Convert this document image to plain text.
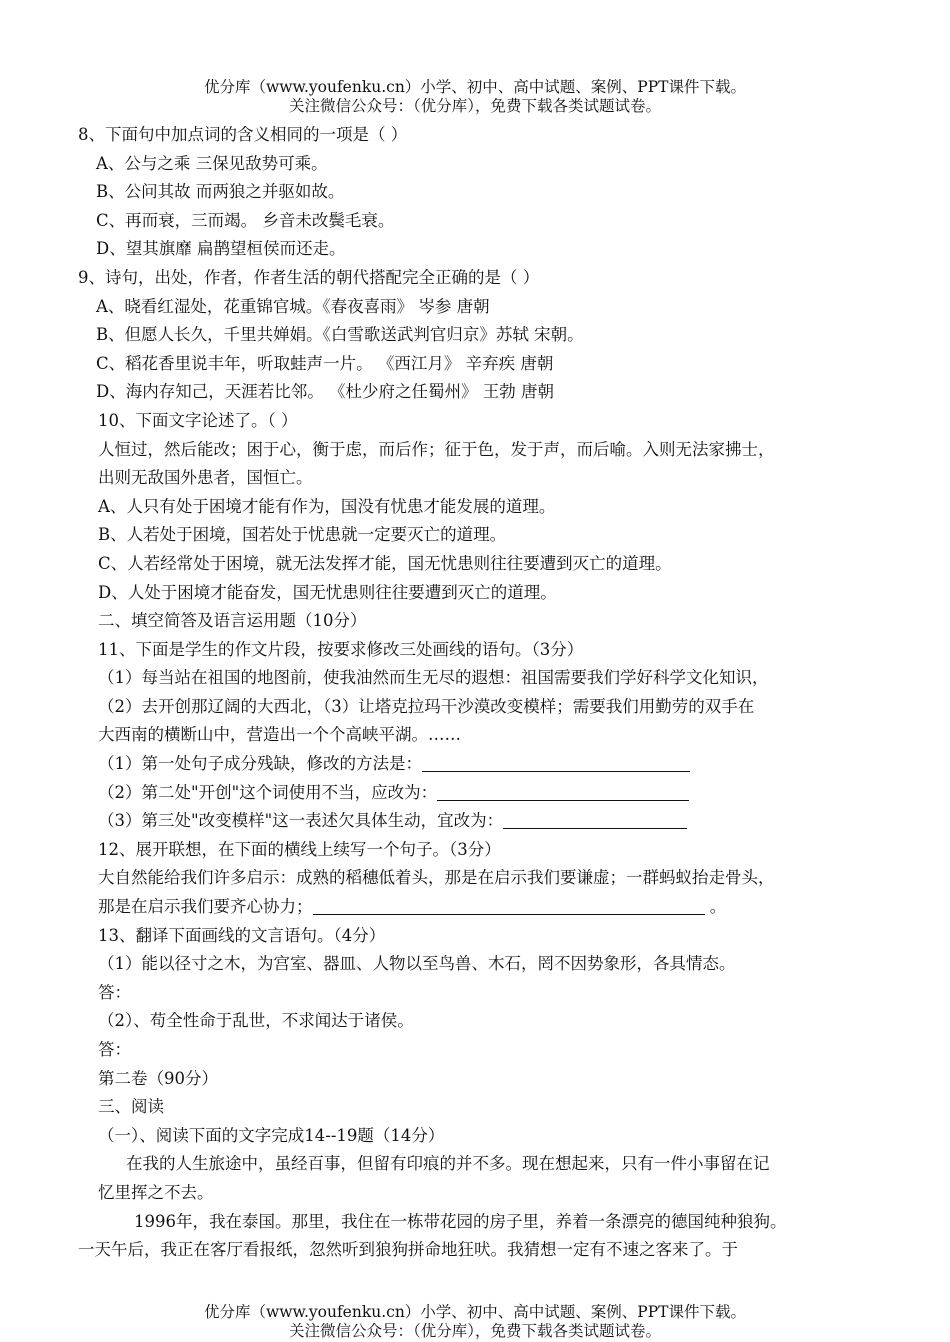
优分库（www.youfenku.cn）小学、初中、高中试题、案例、PPT课件下载。
关注微信公众号：（优分库），免费下载各类试题试卷。
8、下面句中加点词的含义相同的一项是（ ）
A、公与之乘 三保见敌势可乘。
B、公问其故 而两狼之并驱如故。
C、再而衰，三而竭。 乡音未改鬓毛衰。
D、望其旗靡 扁鹊望桓侯而还走。
9、诗句，出处，作者，作者生活的朝代搭配完全正确的是（ ）
A、晓看红湿处，花重锦官城。《春夜喜雨》 岑参 唐朝
B、但愿人长久，千里共婵娟。《白雪歌送武判官归京》苏轼 宋朝。
C、稻花香里说丰年，听取蛙声一片。 《西江月》 辛弃疾 唐朝
D、海内存知己，天涯若比邻。 《杜少府之任蜀州》 王勃 唐朝
10、下面文字论述了。（ ）
人恒过，然后能改；困于心，衡于虑，而后作；征于色，发于声，而后喻。入则无法家拂士，
出则无敌国外患者，国恒亡。
A、人只有处于困境才能有作为，国没有忧患才能发展的道理。
B、人若处于困境，国若处于忧患就一定要灭亡的道理。
C、人若经常处于困境，就无法发挥才能，国无忧患则往往要遭到灭亡的道理。
D、人处于困境才能奋发，国无忧患则往往要遭到灭亡的道理。
二、填空简答及语言运用题（10分）
11、下面是学生的作文片段，按要求修改三处画线的语句。（3分）
（1）每当站在祖国的地图前，使我油然而生无尽的遐想：祖国需要我们学好科学文化知识，
（2）去开创那辽阔的大西北，（3）让塔克拉玛干沙漠改变模样；需要我们用勤劳的双手在
大西南的横断山中，营造出一个个高峡平湖。……
（1）第一处句子成分残缺，修改的方法是：
（2）第二处"开创"这个词使用不当，应改为：
（3）第三处"改变模样"这一表述欠具体生动，宜改为：
12、展开联想，在下面的横线上续写一个句子。（3分）
大自然能给我们许多启示：成熟的稻穗低着头，那是在启示我们要谦虚；一群蚂蚁抬走骨头，
那是在启示我们要齐心协力；	。
13、翻译下面画线的文言语句。（4分）
（1）能以径寸之木，为宫室、器皿、人物以至鸟兽、木石，罔不因势象形，各具情态。
答：
（2）、苟全性命于乱世，不求闻达于诸侯。
答：
第二卷（90分）
三、阅读
（一）、阅读下面的文字完成14--19题（14分）
在我的人生旅途中，虽经百事，但留有印痕的并不多。现在想起来，只有一件小事留在记
忆里挥之不去。
1996年，我在泰国。那里，我住在一栋带花园的房子里，养着一条漂亮的德国纯种狼狗。
一天午后，我正在客厅看报纸，忽然听到狼狗拼命地狂吠。我猜想一定有不速之客来了。于
优分库（www.youfenku.cn）小学、初中、高中试题、案例、PPT课件下载。
关注微信公众号：（优分库），免费下载各类试题试卷。
